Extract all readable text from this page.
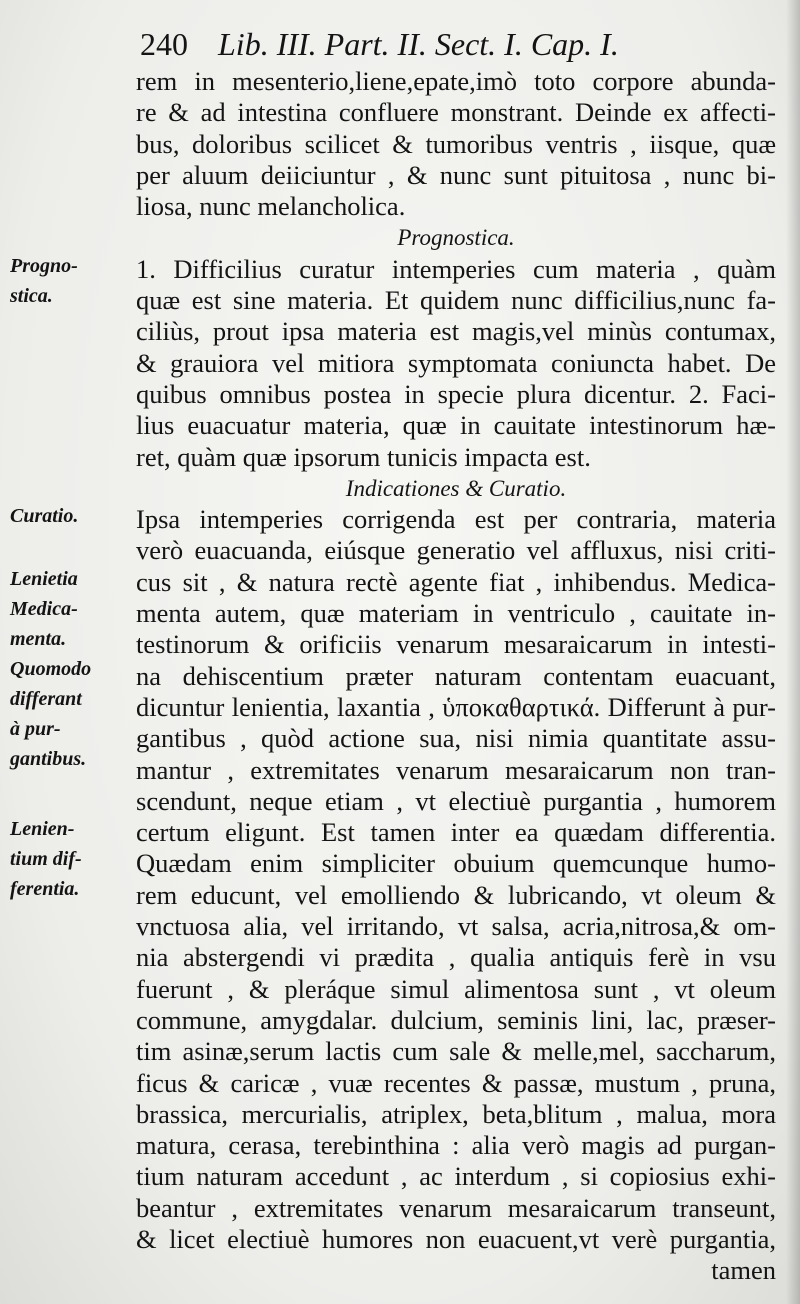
240 Lib. III. Part. II. Sect. I. Cap. I.
rem in mesenterio,liene,epate,imò toto corpore abunda-
re & ad intestina confluere monstrant. Deinde ex affecti-
bus, doloribus scilicet & tumoribus ventris , iisque, quæ
per aluum deiiciuntur , & nunc sunt pituitosa , nunc bi-
liosa, nunc melancholica.
Prognostica.
1. Difficilius curatur intemperies cum materia , quàm
quæ est sine materia. Et quidem nunc difficilius,nunc fa-
ciliùs, prout ipsa materia est magis,vel minùs contumax,
& grauiora vel mitiora symptomata coniuncta habet. De
quibus omnibus postea in specie plura dicentur. 2. Faci-
lius euacuatur materia, quæ in cauitate intestinorum hæ-
ret, quàm quæ ipsorum tunicis impacta est.
Indicationes & Curatio.
Ipsa intemperies corrigenda est per contraria, materia
verò euacuanda, eiúsque generatio vel affluxus, nisi criti-
cus sit , & natura rectè agente fiat , inhibendus. Medica-
menta autem, quæ materiam in ventriculo , cauitate in-
testinorum & orificiis venarum mesaraicarum in intesti-
na dehiscentium præter naturam contentam euacuant,
dicuntur lenientia, laxantia , ὑποκαθαρτικά. Differunt à pur-
gantibus , quòd actione sua, nisi nimia quantitate assu-
mantur , extremitates venarum mesaraicarum non tran-
scendunt, neque etiam , vt electiuè purgantia , humorem
certum eligunt. Est tamen inter ea quædam differentia.
Quædam enim simpliciter obuium quemcunque humo-
rem educunt, vel emolliendo & lubricando, vt oleum &
vnctuosa alia, vel irritando, vt salsa, acria,nitrosa,& om-
nia abstergendi vi prædita , qualia antiquis ferè in vsu
fuerunt , & pleráque simul alimentosa sunt , vt oleum
commune, amygdalar. dulcium, seminis lini, lac, præser-
tim asinæ,serum lactis cum sale & melle,mel, saccharum,
ficus & caricæ , vuæ recentes & passæ, mustum , pruna,
brassica, mercurialis, atriplex, beta,blitum , malua, mora
matura, cerasa, terebinthina : alia verò magis ad purgan-
tium naturam accedunt , ac interdum , si copiosius exhi-
beantur , extremitates venarum mesaraicarum transeunt,
& licet electiuè humores non euacuent,vt verè purgantia,
tamen
Progno-
stica.
Curatio.
Lenietia
Medica-
menta.
Quomodo
differant
à pur-
gantibus.
Lenien-
tium dif-
ferentia.
